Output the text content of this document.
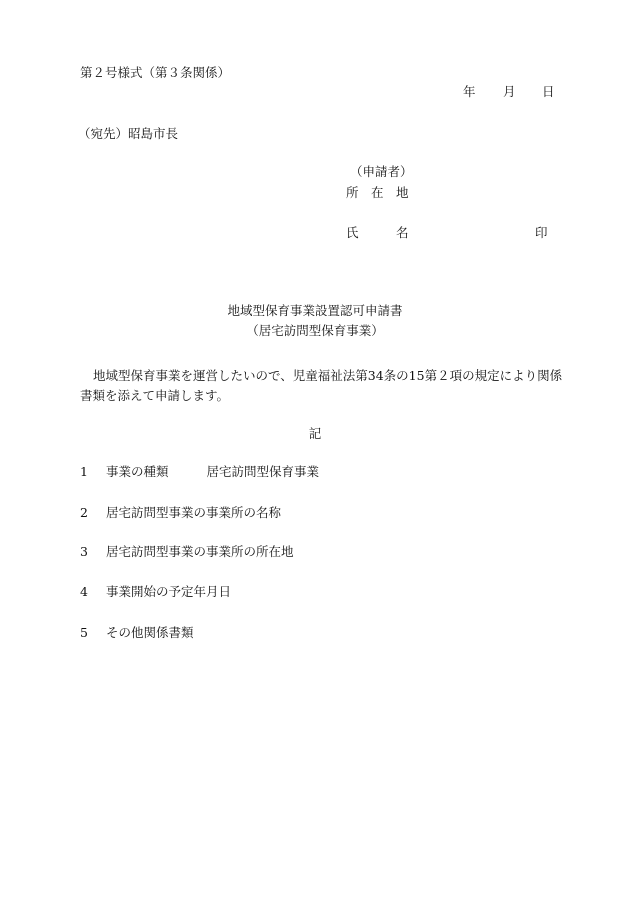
第２号様式（第３条関係）
年 月 日
（宛先）昭島市長
（申請者）
所　在　地
氏　　　名	印
地域型保育事業設置認可申請書
（居宅訪問型保育事業）
地域型保育事業を運営したいので、児童福祉法第34条の15第２項の規定により関係書類を添えて申請します。
記
1 事業の種類	居宅訪問型保育事業
2 居宅訪問型事業の事業所の名称
3 居宅訪問型事業の事業所の所在地
4 事業開始の予定年月日
5 その他関係書類
